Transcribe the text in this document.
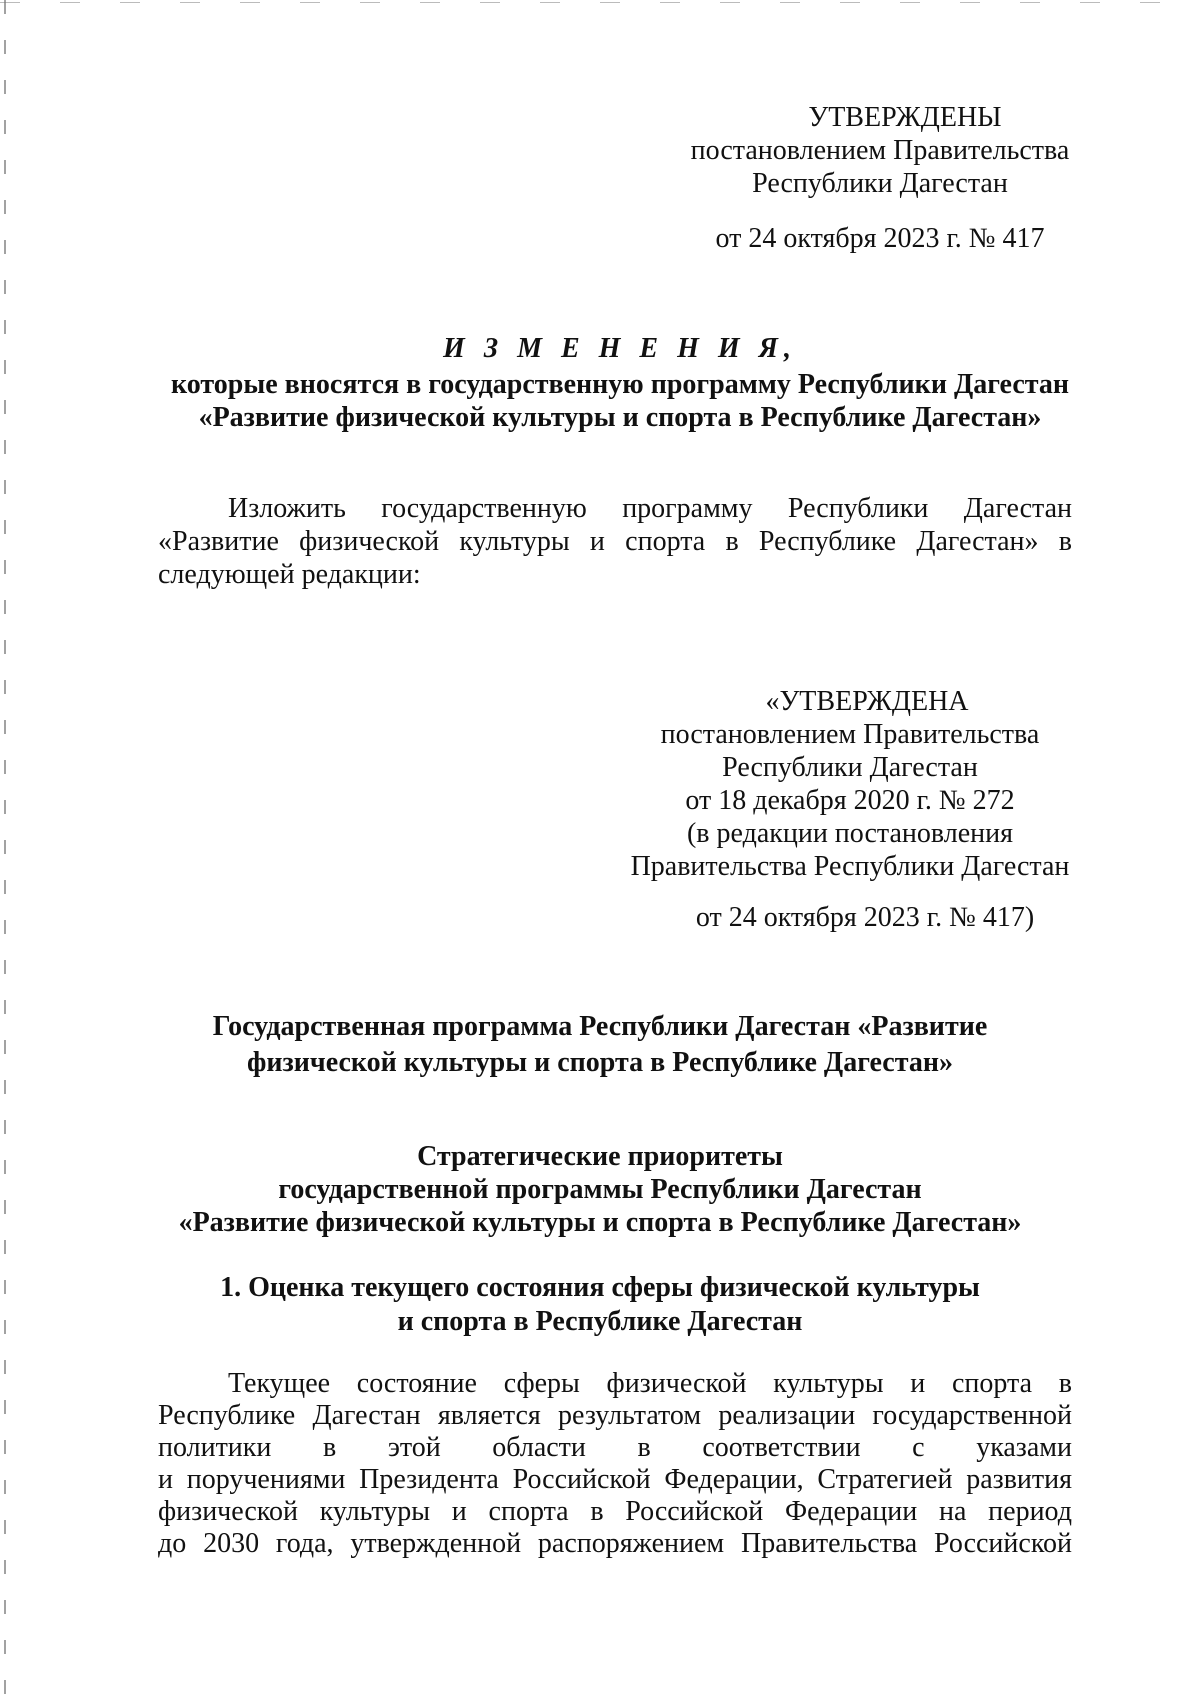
УТВЕРЖДЕНЫ
постановлением Правительства
Республики Дагестан
от 24 октября 2023 г. № 417
И З М Е Н Е Н И Я,
которые вносятся в государственную программу Республики Дагестан
«Развитие физической культуры и спорта в Республике Дагестан»
Изложить государственную программу Республики Дагестан
«Развитие физической культуры и спорта в Республике Дагестан» в
следующей редакции:
«УТВЕРЖДЕНА
постановлением Правительства
Республики Дагестан
от 18 декабря 2020 г. № 272
(в редакции постановления
Правительства Республики Дагестан
от 24 октября 2023 г. № 417)
Государственная программа Республики Дагестан «Развитие
физической культуры и спорта в Республике Дагестан»
Стратегические приоритеты
государственной программы Республики Дагестан
«Развитие физической культуры и спорта в Республике Дагестан»
1. Оценка текущего состояния сферы физической культуры
и спорта в Республике Дагестан
Текущее состояние сферы физической культуры и спорта в
Республике Дагестан является результатом реализации государственной
политики в этой области в соответствии с указами
и поручениями Президента Российской Федерации, Стратегией развития
физической культуры и спорта в Российской Федерации на период
до 2030 года, утвержденной распоряжением Правительства Российской
